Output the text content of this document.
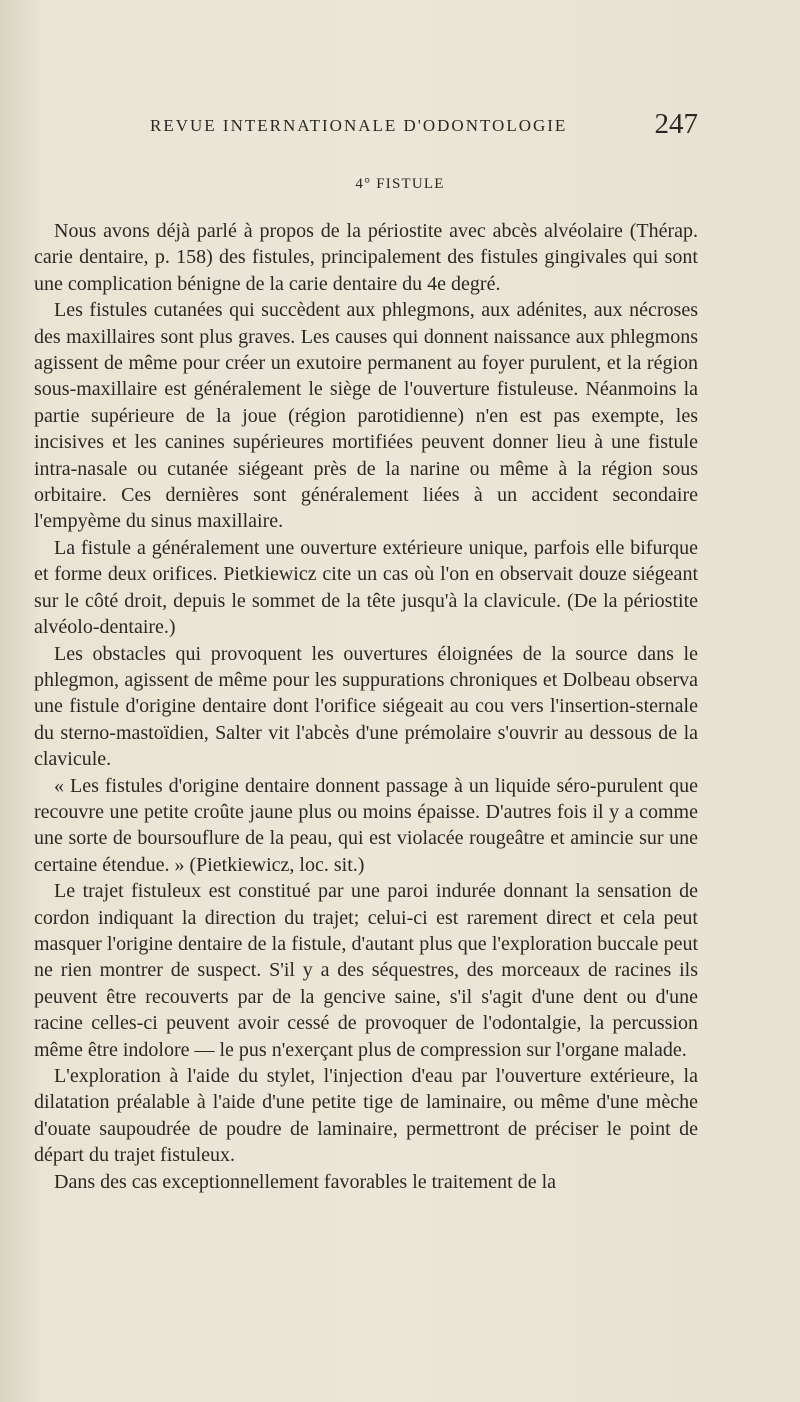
REVUE INTERNATIONALE D'ODONTOLOGIE	247
4° FISTULE

Nous avons déjà parlé à propos de la périostite avec abcès alvéolaire (Thérap. carie dentaire, p. 158) des fistules, principalement des fistules gingivales qui sont une complication bénigne de la carie dentaire du 4e degré.

Les fistules cutanées qui succèdent aux phlegmons, aux adénites, aux nécroses des maxillaires sont plus graves. Les causes qui donnent naissance aux phlegmons agissent de même pour créer un exutoire permanent au foyer purulent, et la région sous-maxillaire est généralement le siège de l'ouverture fistuleuse. Néanmoins la partie supérieure de la joue (région parotidienne) n'en est pas exempte, les incisives et les canines supérieures mortifiées peuvent donner lieu à une fistule intra-nasale ou cutanée siégeant près de la narine ou même à la région sous orbitaire. Ces dernières sont généralement liées à un accident secondaire l'empyème du sinus maxillaire.

La fistule a généralement une ouverture extérieure unique, parfois elle bifurque et forme deux orifices. Pietkiewicz cite un cas où l'on en observait douze siégeant sur le côté droit, depuis le sommet de la tête jusqu'à la clavicule. (De la périostite alvéolo-dentaire.)

Les obstacles qui provoquent les ouvertures éloignées de la source dans le phlegmon, agissent de même pour les suppurations chroniques et Dolbeau observa une fistule d'origine dentaire dont l'orifice siégeait au cou vers l'insertion-sternale du sterno-mastoïdien, Salter vit l'abcès d'une prémolaire s'ouvrir au dessous de la clavicule.

« Les fistules d'origine dentaire donnent passage à un liquide séro-purulent que recouvre une petite croûte jaune plus ou moins épaisse. D'autres fois il y a comme une sorte de boursouflure de la peau, qui est violacée rougeâtre et amincie sur une certaine étendue. » (Pietkiewicz, loc. sit.)

Le trajet fistuleux est constitué par une paroi indurée donnant la sensation de cordon indiquant la direction du trajet; celui-ci est rarement direct et cela peut masquer l'origine dentaire de la fistule, d'autant plus que l'exploration buccale peut ne rien montrer de suspect. S'il y a des séquestres, des morceaux de racines ils peuvent être recouverts par de la gencive saine, s'il s'agit d'une dent ou d'une racine celles-ci peuvent avoir cessé de provoquer de l'odontalgie, la percussion même être indolore — le pus n'exerçant plus de compression sur l'organe malade.

L'exploration à l'aide du stylet, l'injection d'eau par l'ouverture extérieure, la dilatation préalable à l'aide d'une petite tige de laminaire, ou même d'une mèche d'ouate saupoudrée de poudre de laminaire, permettront de préciser le point de départ du trajet fistuleux.

Dans des cas exceptionnellement favorables le traitement de la
